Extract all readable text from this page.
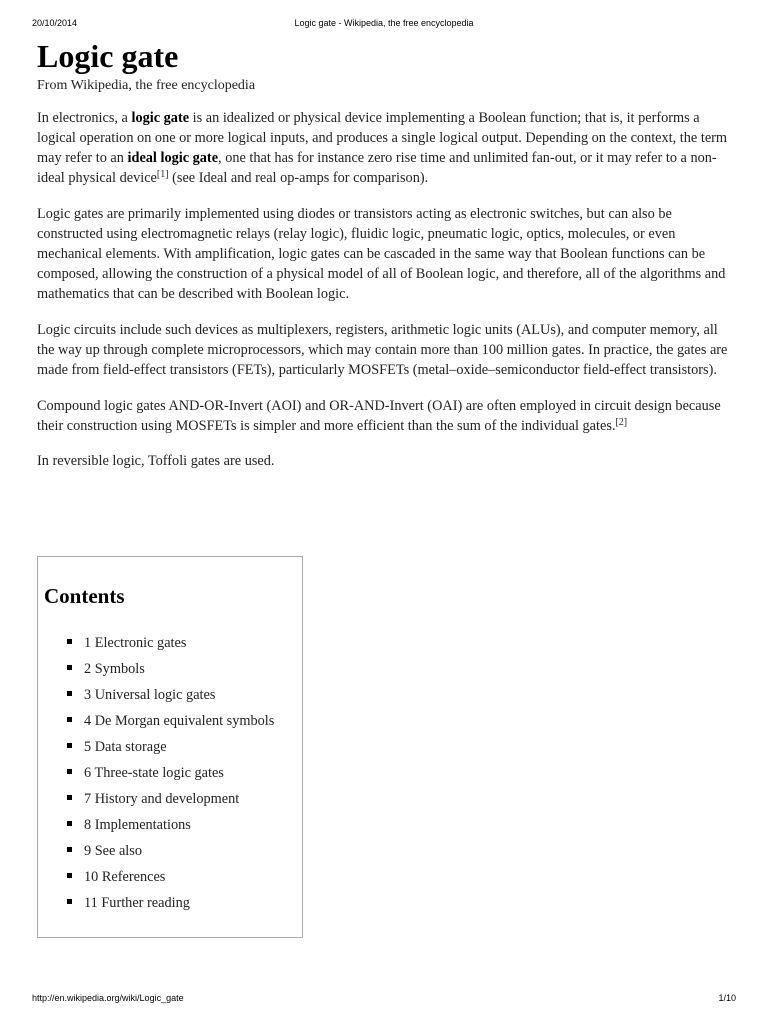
20/10/2014	Logic gate - Wikipedia, the free encyclopedia
Logic gate
From Wikipedia, the free encyclopedia

In electronics, a logic gate is an idealized or physical device implementing a Boolean function; that is, it performs a logical operation on one or more logical inputs, and produces a single logical output. Depending on the context, the term may refer to an ideal logic gate, one that has for instance zero rise time and unlimited fan-out, or it may refer to a non-ideal physical device[1] (see Ideal and real op-amps for comparison).

Logic gates are primarily implemented using diodes or transistors acting as electronic switches, but can also be constructed using electromagnetic relays (relay logic), fluidic logic, pneumatic logic, optics, molecules, or even mechanical elements. With amplification, logic gates can be cascaded in the same way that Boolean functions can be composed, allowing the construction of a physical model of all of Boolean logic, and therefore, all of the algorithms and mathematics that can be described with Boolean logic.

Logic circuits include such devices as multiplexers, registers, arithmetic logic units (ALUs), and computer memory, all the way up through complete microprocessors, which may contain more than 100 million gates. In practice, the gates are made from field-effect transistors (FETs), particularly MOSFETs (metal–oxide–semiconductor field-effect transistors).

Compound logic gates AND-OR-Invert (AOI) and OR-AND-Invert (OAI) are often employed in circuit design because their construction using MOSFETs is simpler and more efficient than the sum of the individual gates.[2]

In reversible logic, Toffoli gates are used.

Contents
1 Electronic gates
2 Symbols
3 Universal logic gates
4 De Morgan equivalent symbols
5 Data storage
6 Three-state logic gates
7 History and development
8 Implementations
9 See also
10 References
11 Further reading
http://en.wikipedia.org/wiki/Logic_gate	1/10
